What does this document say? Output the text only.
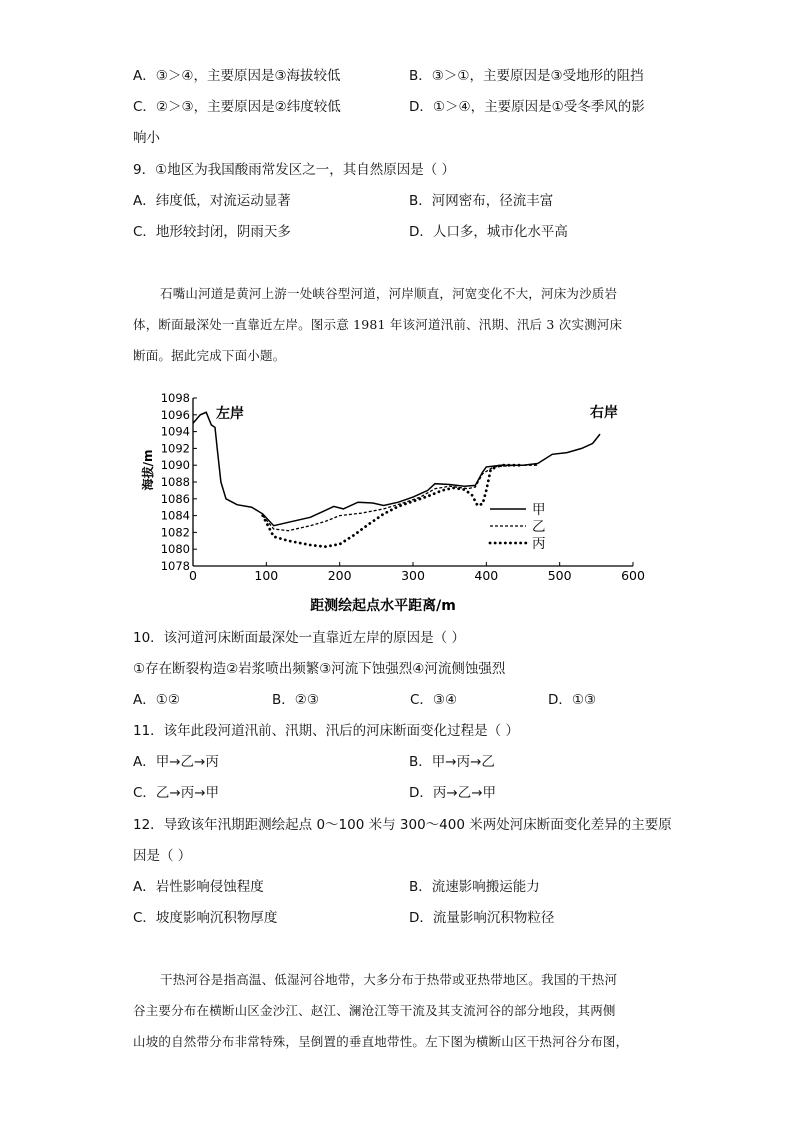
A．③＞④，主要原因是③海拔较低	B．③＞①，主要原因是③受地形的阻挡
C．②＞③，主要原因是②纬度较低	D．①＞④，主要原因是①受冬季风的影
响小
9．①地区为我国酸雨常发区之一，其自然原因是（ ）
A．纬度低，对流运动显著	B．河网密布，径流丰富
C．地形较封闭，阴雨天多	D．人口多，城市化水平高
石嘴山河道是黄河上游一处峡谷型河道，河岸顺直，河宽变化不大，河床为沙质岩
体，断面最深处一直靠近左岸。图示意 1981 年该河道汛前、汛期、汛后 3 次实测河床
断面。据此完成下面小题。
1078
1080
1082
1084
1086
1088
1090
1092
1094
1096
1098
0	100	200	300	400	500	600
甲
乙
丙
海拔/m
距测绘起点水平距离/m
左岸	右岸
10．该河道河床断面最深处一直靠近左岸的原因是（ ）
①存在断裂构造②岩浆喷出频繁③河流下蚀强烈④河流侧蚀强烈
A．①②	B．②③	C．③④	D．①③
11．该年此段河道汛前、汛期、汛后的河床断面变化过程是（ ）
A．甲→乙→丙	B．甲→丙→乙
C．乙→丙→甲	D．丙→乙→甲
12．导致该年汛期距测绘起点 0～100 米与 300～400 米两处河床断面变化差异的主要原
因是（ ）
A．岩性影响侵蚀程度	B．流速影响搬运能力
C．坡度影响沉积物厚度	D．流量影响沉积物粒径
干热河谷是指高温、低湿河谷地带，大多分布于热带或亚热带地区。我国的干热河
谷主要分布在横断山区金沙江、赵江、澜沧江等干流及其支流河谷的部分地段，其两侧
山坡的自然带分布非常特殊，呈倒置的垂直地带性。左下图为横断山区干热河谷分布图，
